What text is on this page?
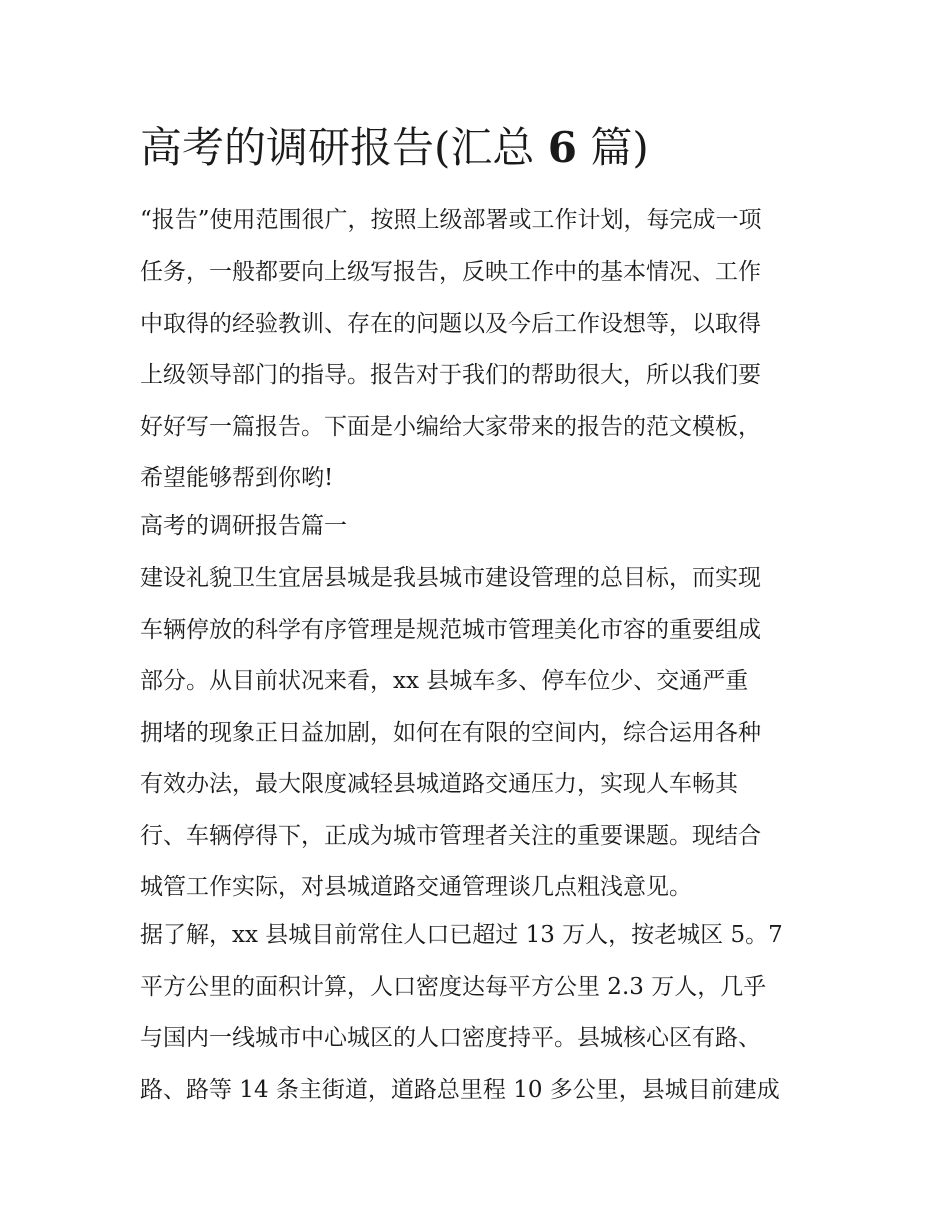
高考的调研报告(汇总 6 篇)

“报告”使用范围很广，按照上级部署或工作计划，每完成一项

任务，一般都要向上级写报告，反映工作中的基本情况、工作

中取得的经验教训、存在的问题以及今后工作设想等，以取得

上级领导部门的指导。报告对于我们的帮助很大，所以我们要

好好写一篇报告。下面是小编给大家带来的报告的范文模板，

希望能够帮到你哟!

高考的调研报告篇一

建设礼貌卫生宜居县城是我县城市建设管理的总目标，而实现

车辆停放的科学有序管理是规范城市管理美化市容的重要组成

部分。从目前状况来看，xx 县城车多、停车位少、交通严重

拥堵的现象正日益加剧，如何在有限的空间内，综合运用各种

有效办法，最大限度减轻县城道路交通压力，实现人车畅其

行、车辆停得下，正成为城市管理者关注的重要课题。现结合

城管工作实际，对县城道路交通管理谈几点粗浅意见。

据了解，xx 县城目前常住人口已超过 13 万人，按老城区 5。7

平方公里的面积计算，人口密度达每平方公里 2.3 万人，几乎

与国内一线城市中心城区的人口密度持平。县城核心区有路、

路、路等 14 条主街道，道路总里程 10 多公里，县城目前建成
